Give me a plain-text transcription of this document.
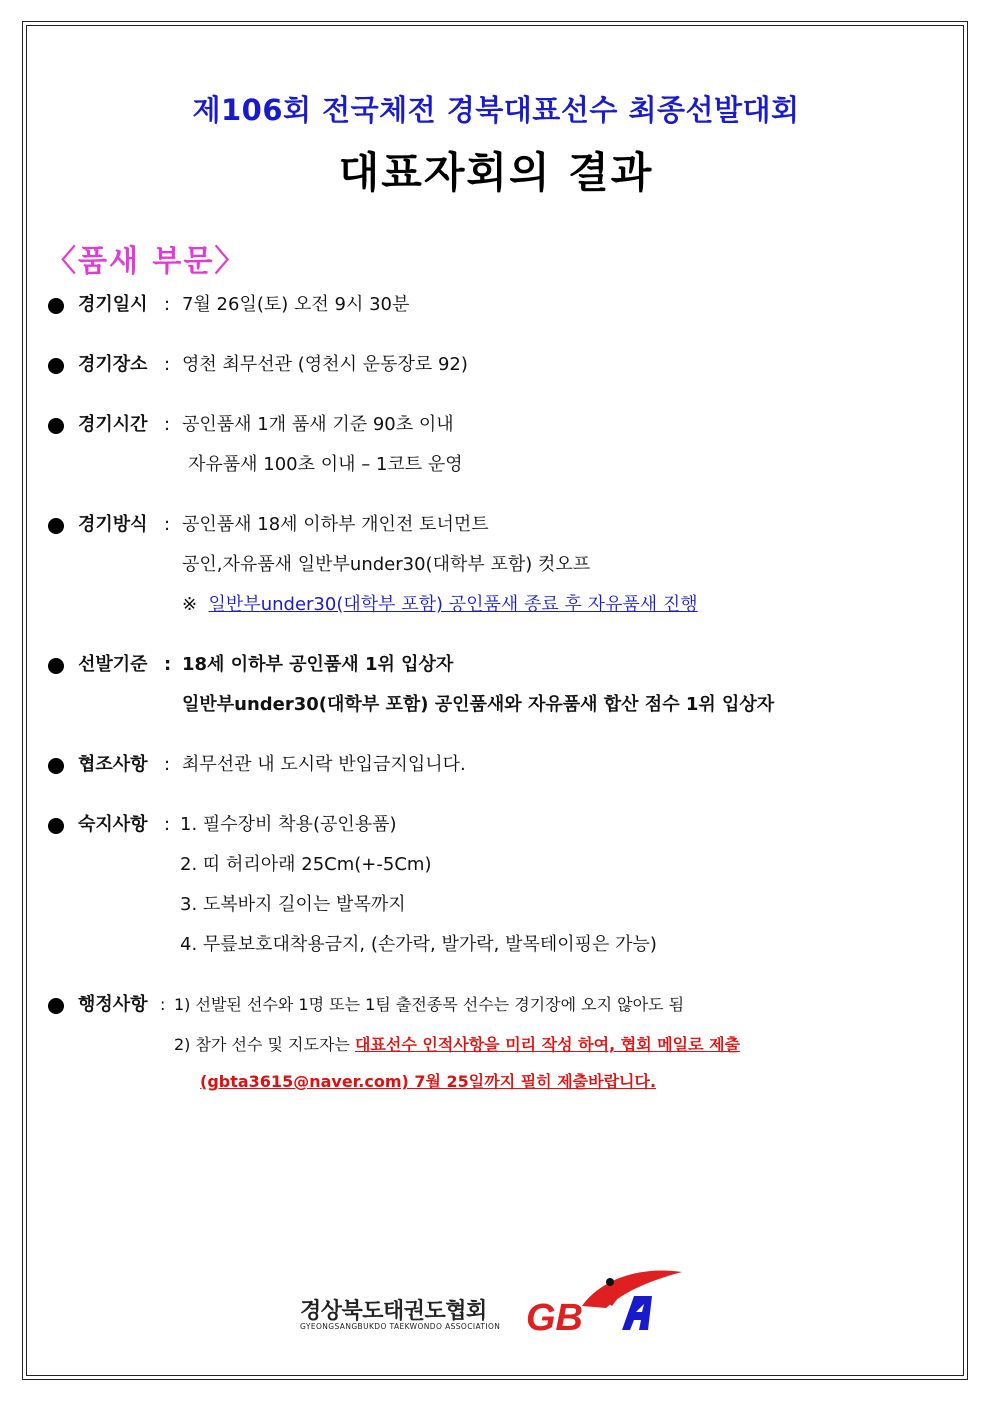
제106회 전국체전 경북대표선수 최종선발대회
대표자회의 결과
〈품새 부문〉
경기일시 : 7월 26일(토) 오전 9시 30분
경기장소 : 영천 최무선관 (영천시 운동장로 92)
경기시간 : 공인품새 1개 품새 기준 90초 이내
자유품새 100초 이내 – 1코트 운영
경기방식 : 공인품새 18세 이하부 개인전 토너먼트
공인,자유품새 일반부under30(대학부 포함) 컷오프
※ 일반부under30(대학부 포함) 공인품새 종료 후 자유품새 진행
선발기준 : 18세 이하부 공인품새 1위 입상자
일반부under30(대학부 포함) 공인품새와 자유품새 합산 점수 1위 입상자
협조사항 : 최무선관 내 도시락 반입금지입니다.
숙지사항 : 1. 필수장비 착용(공인용품)
2. 띠 허리아래 25Cm(+-5Cm)
3. 도복바지 길이는 발목까지
4. 무릎보호대착용금지, (손가락, 발가락, 발목테이핑은 가능)
행정사항 : 1) 선발된 선수와 1명 또는 1팀 출전종목 선수는 경기장에 오지 않아도 됨
2) 참가 선수 및 지도자는 대표선수 인적사항을 미리 작성 하여, 협회 메일로 제출
(gbta3615@naver.com) 7월 25일까지 필히 제출바랍니다.
경상북도태권도협회
GYEONGSANGBUKDO TAEKWONDO ASSOCIATION GB
